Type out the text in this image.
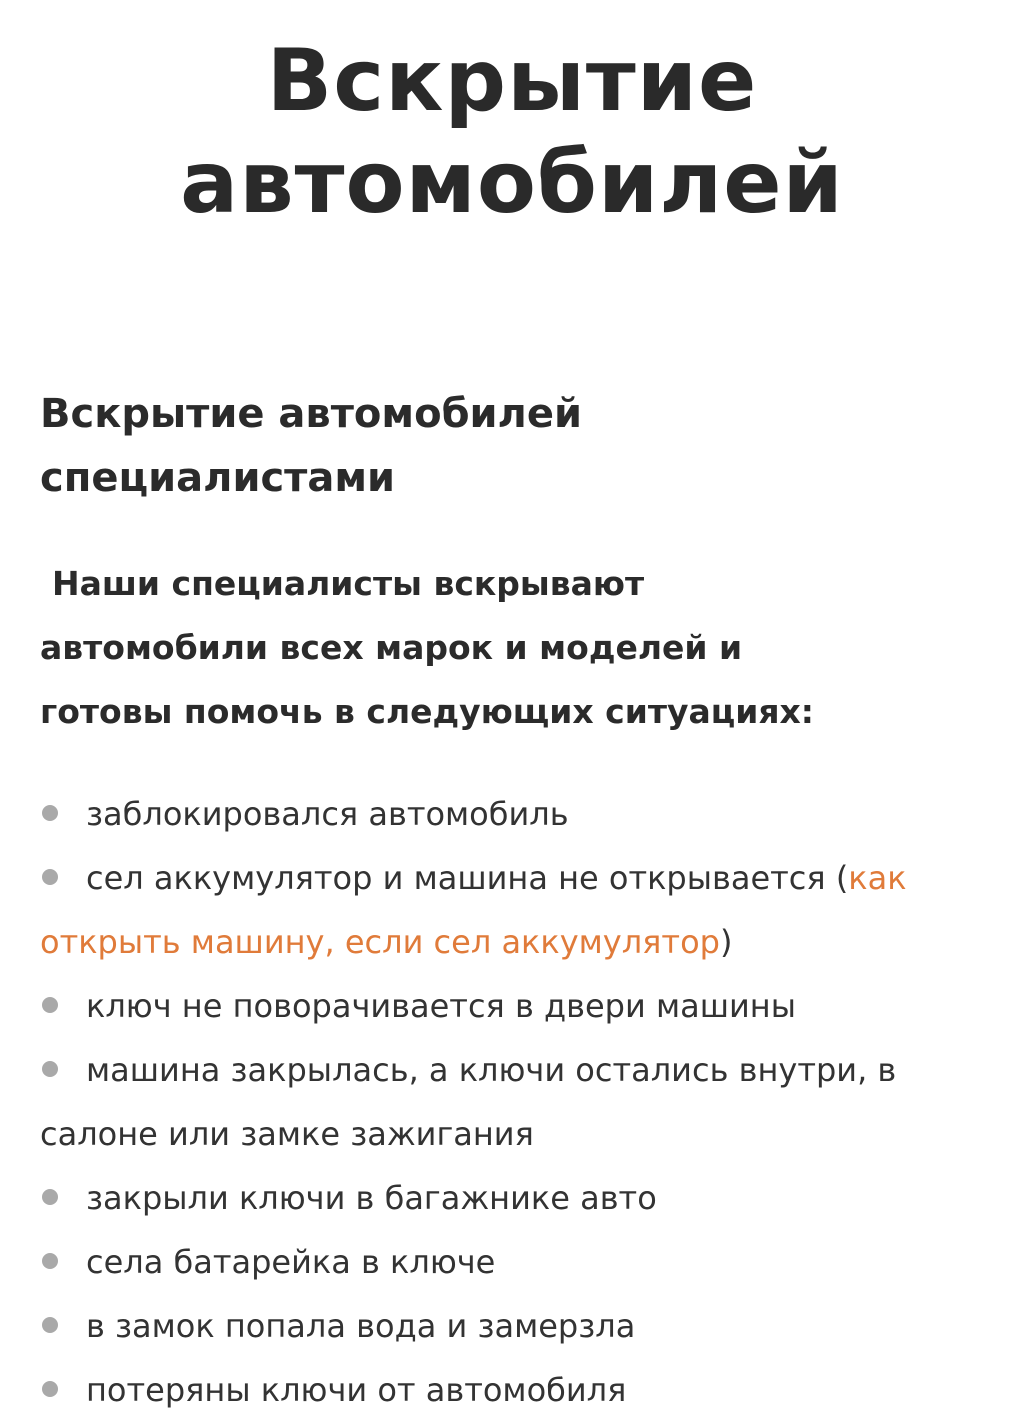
Вскрытие
автомобилей
Вскрытие автомобилей
специалистами

Наши специалисты вскрывают
автомобили всех марок и моделей и
готовы помочь в следующих ситуациях:

заблокировался автомобиль
сел аккумулятор и машина не открывается (как
открыть машину, если сел аккумулятор)
ключ не поворачивается в двери машины
машина закрылась, а ключи остались внутри, в
салоне или замке зажигания
закрыли ключи в багажнике авто
села батарейка в ключе
в замок попала вода и замерзла
потеряны ключи от автомобиля
